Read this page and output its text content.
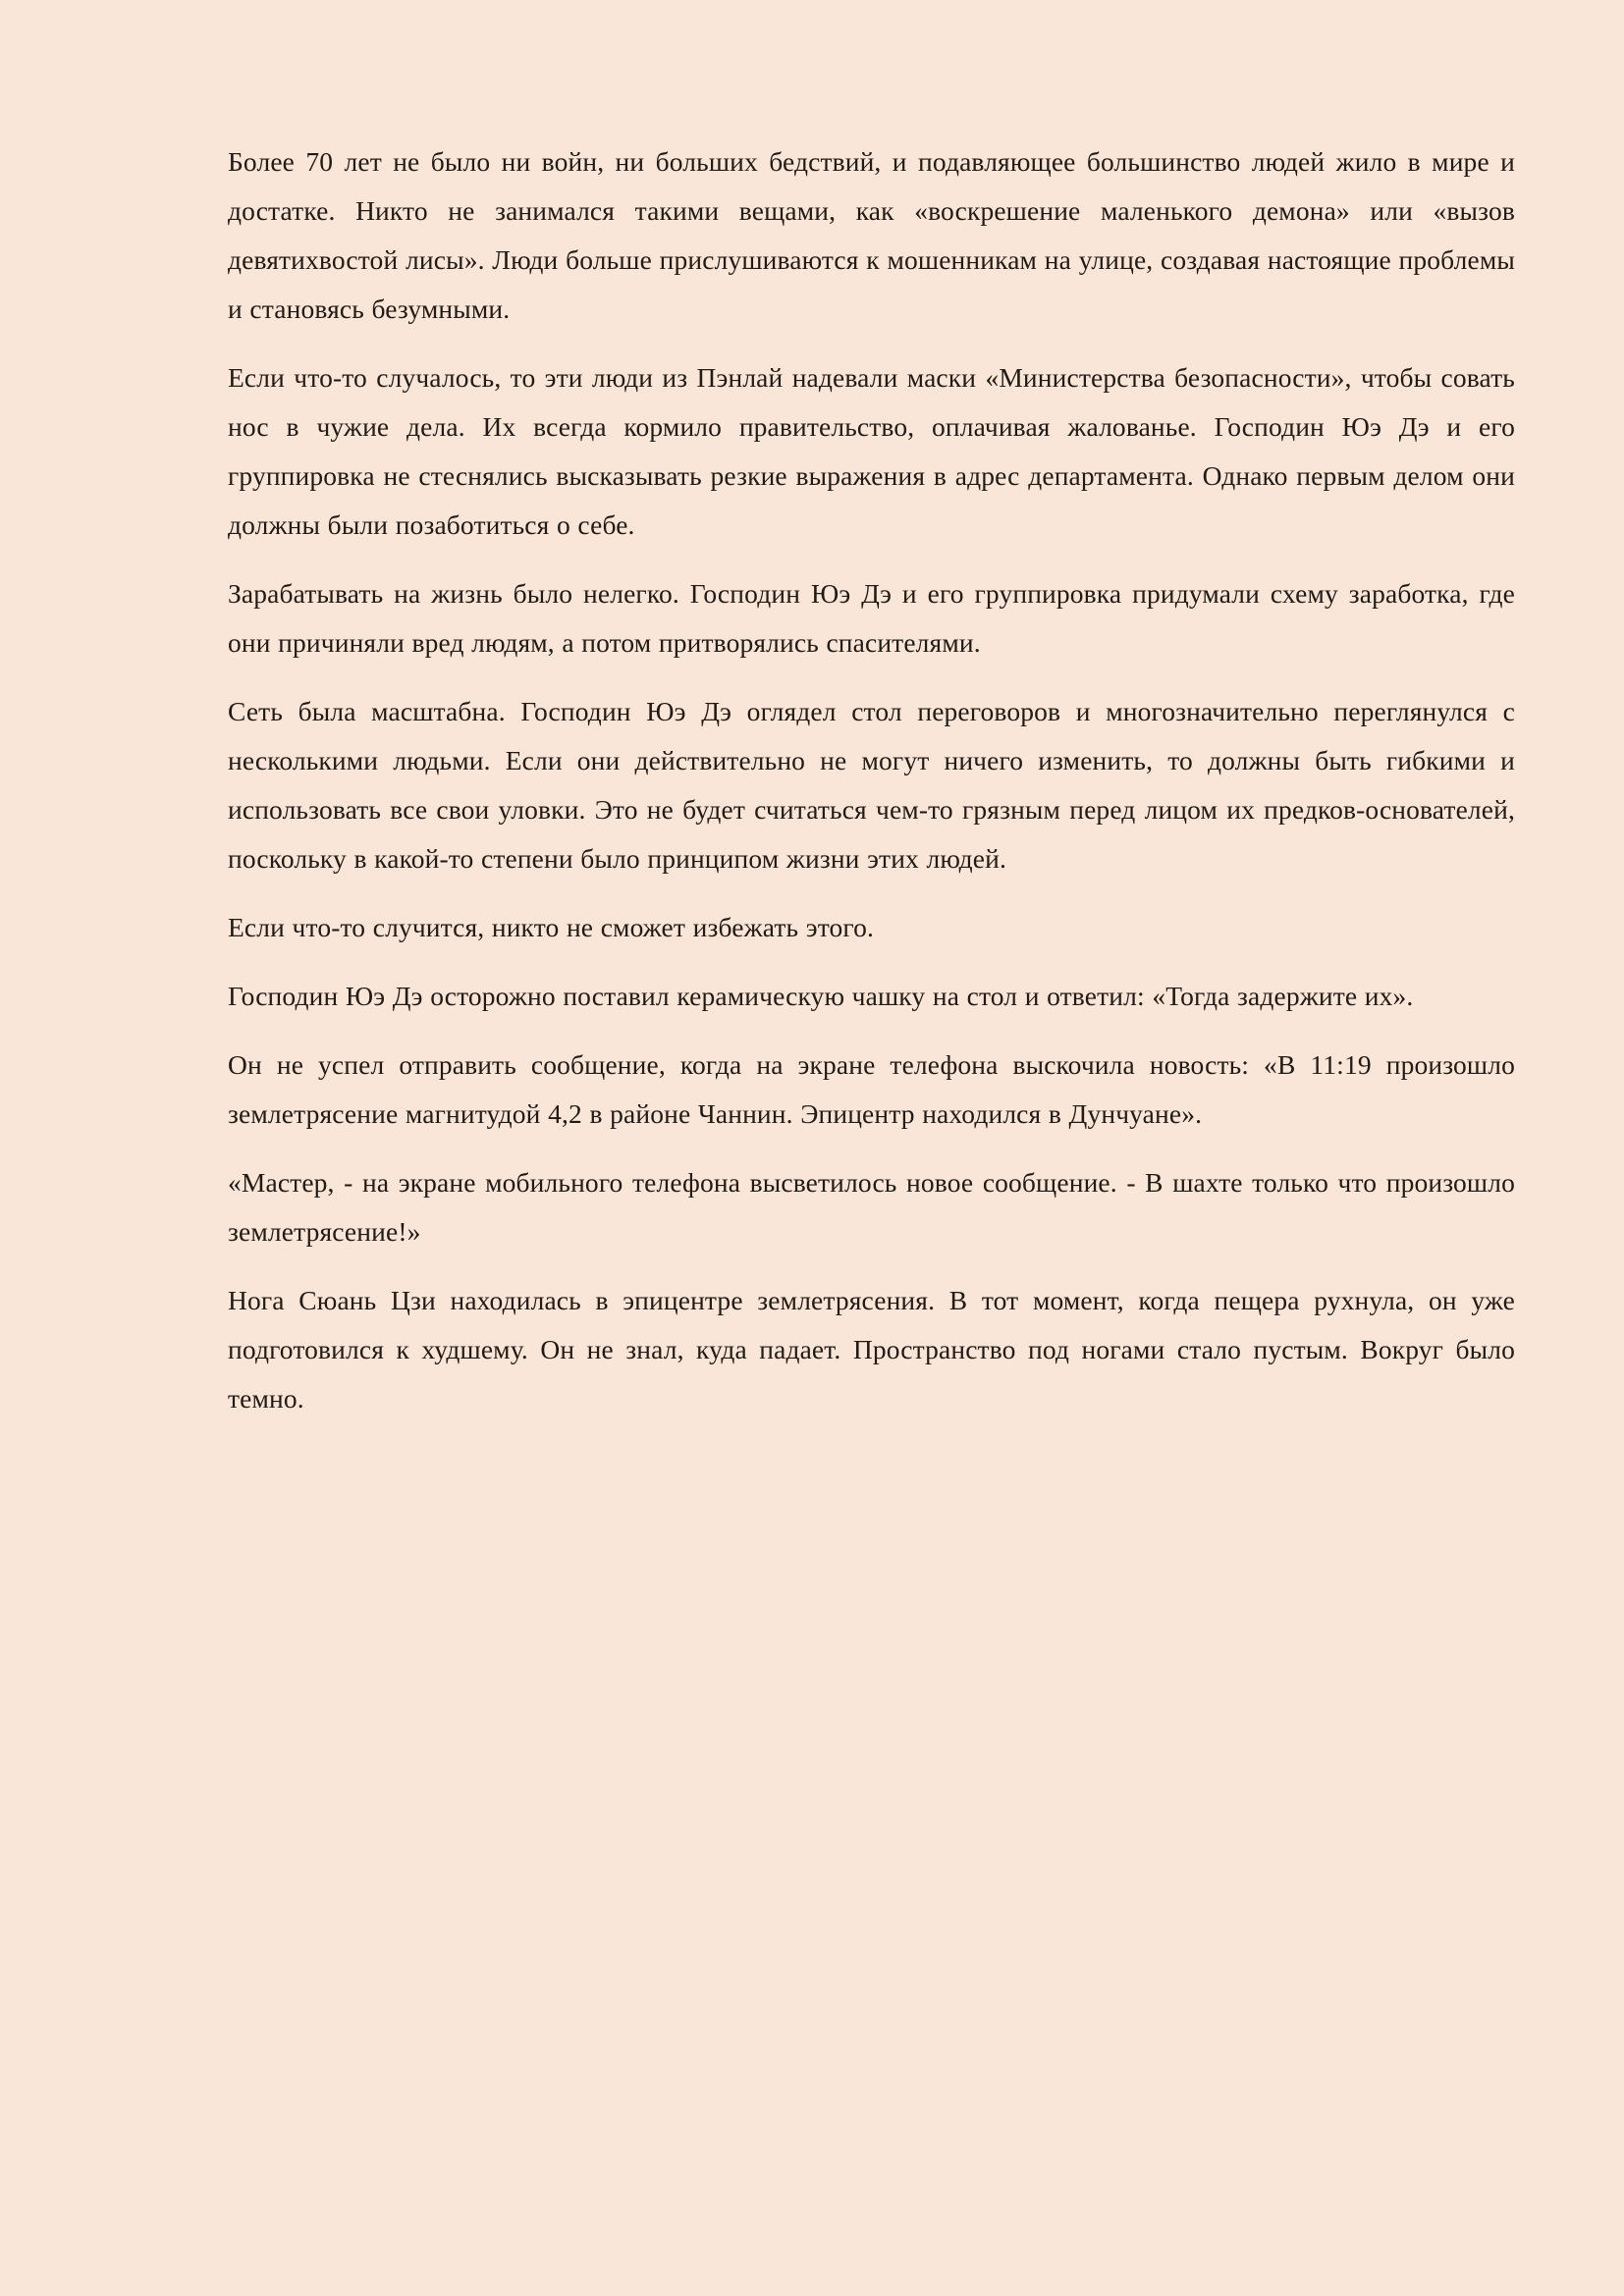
Более 70 лет не было ни войн, ни больших бедствий, и подавляющее большинство людей жило в мире и достатке. Никто не занимался такими вещами, как «воскрешение маленького демона» или «вызов девятихвостой лисы». Люди больше прислушиваются к мошенникам на улице, создавая настоящие проблемы и становясь безумными.

Если что-то случалось, то эти люди из Пэнлай надевали маски «Министерства безопасности», чтобы совать нос в чужие дела. Их всегда кормило правительство, оплачивая жалованье. Господин Юэ Дэ и его группировка не стеснялись высказывать резкие выражения в адрес департамента. Однако первым делом они должны были позаботиться о себе.

Зарабатывать на жизнь было нелегко. Господин Юэ Дэ и его группировка придумали схему заработка, где они причиняли вред людям, а потом притворялись спасителями.

Сеть была масштабна. Господин Юэ Дэ оглядел стол переговоров и многозначительно переглянулся с несколькими людьми. Если они действительно не могут ничего изменить, то должны быть гибкими и использовать все свои уловки. Это не будет считаться чем-то грязным перед лицом их предков-основателей, поскольку в какой-то степени было принципом жизни этих людей.

Если что-то случится, никто не сможет избежать этого.

Господин Юэ Дэ осторожно поставил керамическую чашку на стол и ответил: «Тогда задержите их».

Он не успел отправить сообщение, когда на экране телефона выскочила новость: «В 11:19 произошло землетрясение магнитудой 4,2 в районе Чаннин. Эпицентр находился в Дунчуане».

«Мастер, - на экране мобильного телефона высветилось новое сообщение. - В шахте только что произошло землетрясение!»

Нога Сюань Цзи находилась в эпицентре землетрясения. В тот момент, когда пещера рухнула, он уже подготовился к худшему. Он не знал, куда падает. Пространство под ногами стало пустым. Вокруг было темно.
